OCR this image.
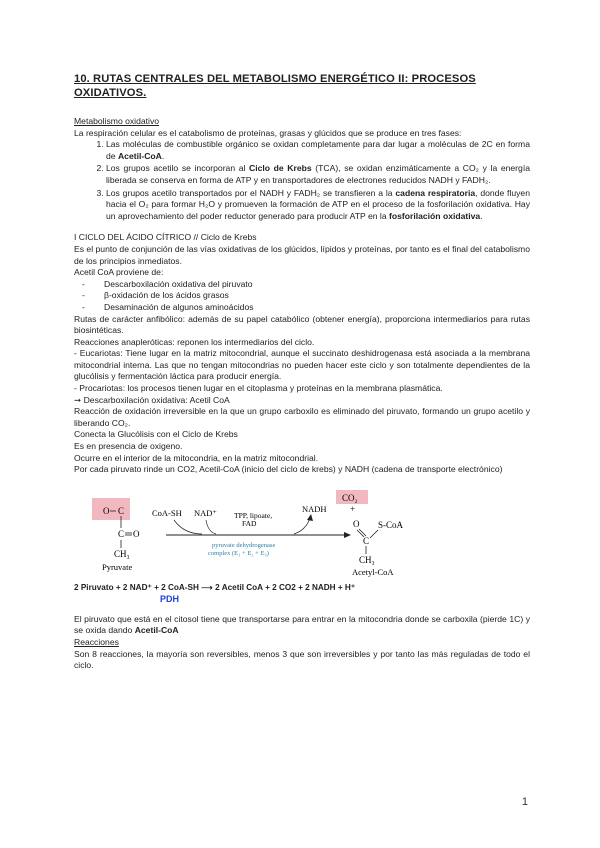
10. RUTAS CENTRALES DEL METABOLISMO ENERGÉTICO II: PROCESOS OXIDATIVOS.

Metabolismo oxidativo

La respiración celular es el catabolismo de proteínas, grasas y glúcidos que se produce en tres fases:

1. Las moléculas de combustible orgánico se oxidan completamente para dar lugar a moléculas de 2C en forma de Acetil-CoA.
2. Los grupos acetilo se incorporan al Ciclo de Krebs (TCA), se oxidan enzimáticamente a CO₂ y la energía liberada se conserva en forma de ATP y en transportadores de electrones reducidos NADH y FADH₂.
3. Los grupos acetilo transportados por el NADH y FADH₂ se transfieren a la cadena respiratoria, donde fluyen hacia el O₂ para formar H₂O y promueven la formación de ATP en el proceso de la fosforilación oxidativa. Hay un aprovechamiento del poder reductor generado para producir ATP en la fosforilación oxidativa.

I CICLO DEL ÁCIDO CÍTRICO // Ciclo de Krebs

Es el punto de conjunción de las vías oxidativas de los glúcidos, lípidos y proteínas, por tanto es el final del catabolismo de los principios inmediatos.

Acetil CoA proviene de:

- Descarboxilación oxidativa del piruvato
- β-oxidación de los ácidos grasos
- Desaminación de algunos aminoácidos

Rutas de carácter anfibólico: además de su papel catabólico (obtener energía), proporciona intermediarios para rutas biosintéticas.

Reacciones anapleróticas: reponen los intermediarios del ciclo.

- Eucariotas: Tiene lugar en la matriz mitocondrial, aunque el succinato deshidrogenasa está asociada a la membrana mitocondrial interna. Las que no tengan mitocondrias no pueden hacer este ciclo y son totalmente dependientes de la glucólisis y fermentación láctica para producir energía.

- Procariotas: los procesos tienen lugar en el citoplasma y proteínas en la membrana plasmática.

➞ Descarboxilación oxidativa: Acetil CoA

Reacción de oxidación irreversible en la que un grupo carboxilo es eliminado del piruvato, formando un grupo acetilo y liberando CO₂.

Conecta la Glucólisis con el Ciclo de Krebs

Es en presencia de oxigeno.

Ocurre en el interior de la mitocondria, en la matriz mitocondrial.

Por cada piruvato rinde un CO2, Acetil-CoA (inicio del ciclo de krebs) y NADH (cadena de transporte electrónico)

O C
C O
CH₃
Pyruvate
CoA-SH NAD⁺ TPP, lipoate,
FAD
NADH
pyruvate dehydrogenase
complex (E₁ + E₂ + E₃)
CO₂
+
O
C
S-CoA
CH₃
Acetyl-CoA
2 Piruvato + 2 NAD⁺ + 2 CoA-SH ⟶ 2 Acetil CoA + 2 CO2 + 2 NADH + H⁺
PDH

El piruvato que está en el citosol tiene que transportarse para entrar en la mitocondria donde se carboxila (pierde 1C) y se oxida dando Acetil-CoA

Reacciones

Son 8 reacciones, la mayoría son reversibles, menos 3 que son irreversibles y por tanto las más reguladas de todo el ciclo.

1
